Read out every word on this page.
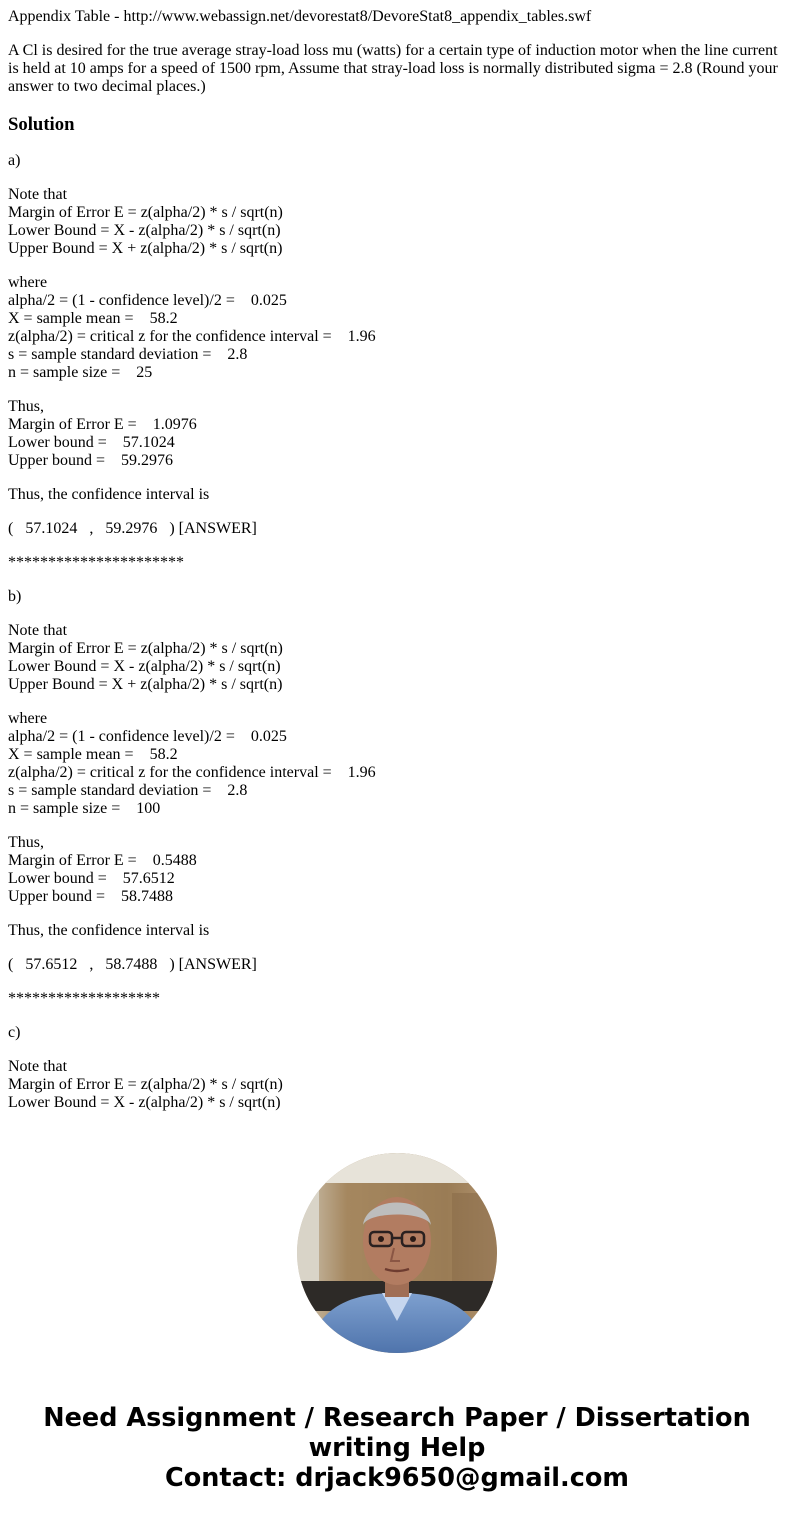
Appendix Table - http://www.webassign.net/devorestat8/DevoreStat8_appendix_tables.swf

A Cl is desired for the true average stray-load loss mu (watts) for a certain type of induction motor when the line current is held at 10 amps for a speed of 1500 rpm, Assume that stray-load loss is normally distributed sigma = 2.8 (Round your answer to two decimal places.)

Solution
a)
Note that
Margin of Error E = z(alpha/2) * s / sqrt(n)
Lower Bound = X - z(alpha/2) * s / sqrt(n)
Upper Bound = X + z(alpha/2) * s / sqrt(n)
where
alpha/2 = (1 - confidence level)/2 =    0.025
X = sample mean =    58.2
z(alpha/2) = critical z for the confidence interval =    1.96
s = sample standard deviation =    2.8
n = sample size =    25
Thus,
Margin of Error E =    1.0976
Lower bound =    57.1024
Upper bound =    59.2976
Thus, the confidence interval is
(   57.1024   ,   59.2976   ) [ANSWER]
**********************
b)
Note that
Margin of Error E = z(alpha/2) * s / sqrt(n)
Lower Bound = X - z(alpha/2) * s / sqrt(n)
Upper Bound = X + z(alpha/2) * s / sqrt(n)
where
alpha/2 = (1 - confidence level)/2 =    0.025
X = sample mean =    58.2
z(alpha/2) = critical z for the confidence interval =    1.96
s = sample standard deviation =    2.8
n = sample size =    100
Thus,
Margin of Error E =    0.5488
Lower bound =    57.6512
Upper bound =    58.7488
Thus, the confidence interval is
(   57.6512   ,   58.7488   ) [ANSWER]
*******************
c)
Note that
Margin of Error E = z(alpha/2) * s / sqrt(n)
Lower Bound = X - z(alpha/2) * s / sqrt(n)
Need Assignment / Research Paper / Dissertation
writing Help
Contact: drjack9650@gmail.com
